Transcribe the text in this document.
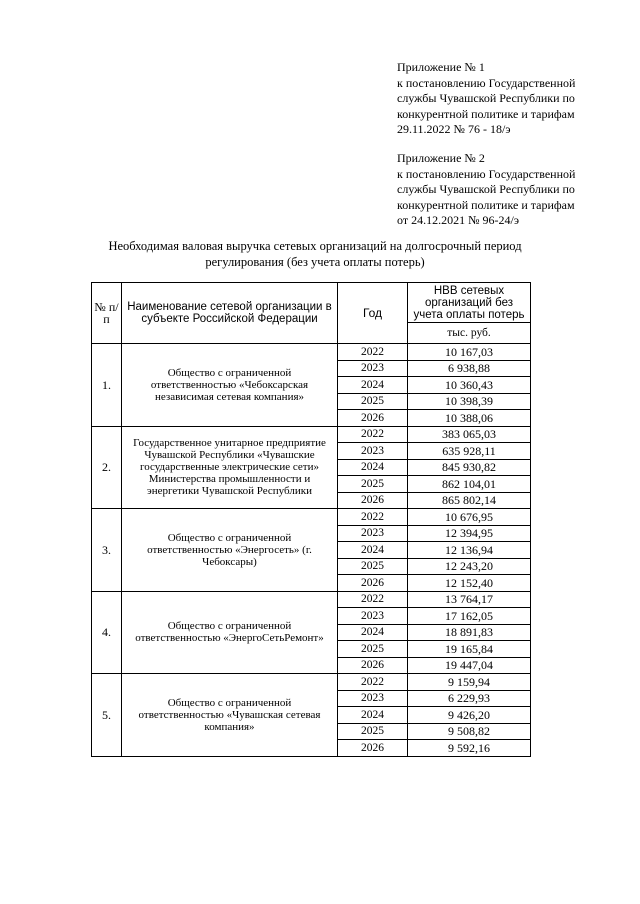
Приложение № 1
к постановлению Государственной
службы Чувашской Республики по
конкурентной политике и тарифам
29.11.2022 № 76 - 18/э
Приложение № 2
к постановлению Государственной
службы Чувашской Республики по
конкурентной политике и тарифам
от 24.12.2021 № 96-24/э
Необходимая валовая выручка сетевых организаций на долгосрочный период
регулирования (без учета оплаты потерь)
№ п/п	Наименование сетевой организации в субъекте Российской Федерации	Год	НВВ сетевых организаций без учета оплаты потерь
			тыс. руб.
1.	Общество с ограниченной ответственностью «Чебоксарская независимая сетевая компания»	2022	10 167,03
		2023	6 938,88
		2024	10 360,43
		2025	10 398,39
		2026	10 388,06
2.	Государственное унитарное предприятие Чувашской Республики «Чувашские государственные электрические сети» Министерства промышленности и энергетики Чувашской Республики	2022	383 065,03
		2023	635 928,11
		2024	845 930,82
		2025	862 104,01
		2026	865 802,14
3.	Общество с ограниченной ответственностью «Энергосеть» (г. Чебоксары)	2022	10 676,95
		2023	12 394,95
		2024	12 136,94
		2025	12 243,20
		2026	12 152,40
4.	Общество с ограниченной ответственностью «ЭнергоСетьРемонт»	2022	13 764,17
		2023	17 162,05
		2024	18 891,83
		2025	19 165,84
		2026	19 447,04
5.	Общество с ограниченной ответственностью «Чувашская сетевая компания»	2022	9 159,94
		2023	6 229,93
		2024	9 426,20
		2025	9 508,82
		2026	9 592,16
